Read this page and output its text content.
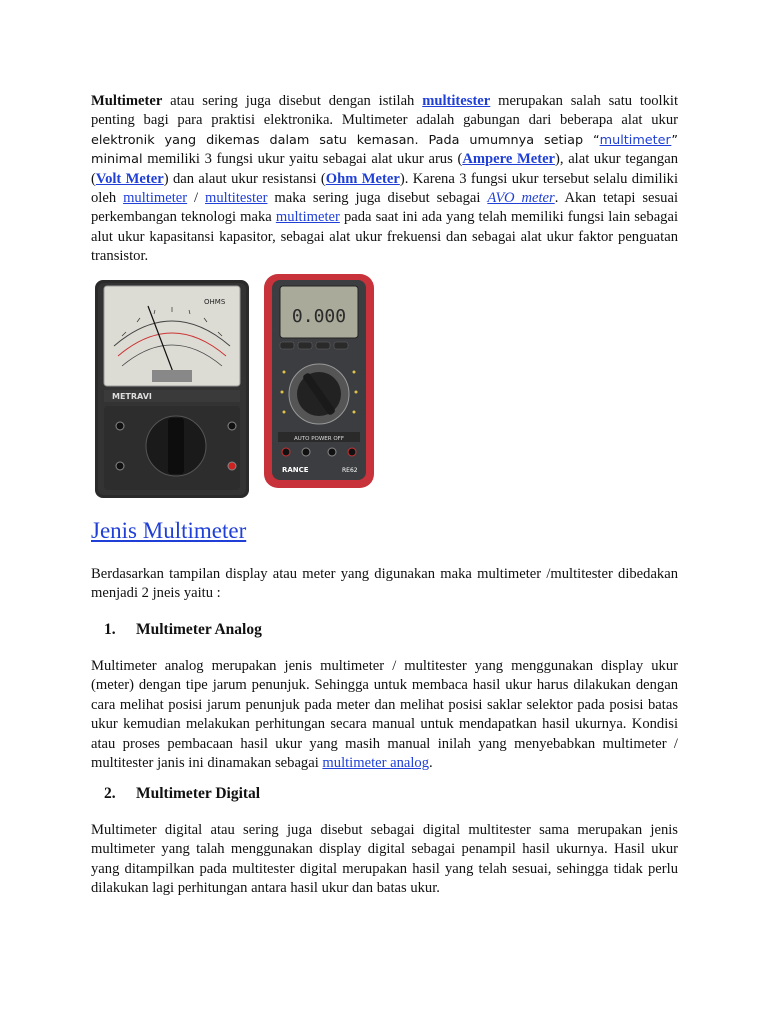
Multimeter atau sering juga disebut dengan istilah multitester merupakan salah satu toolkit penting bagi para praktisi elektronika. Multimeter adalah gabungan dari beberapa alat ukur elektronik yang dikemas dalam satu kemasan. Pada umumnya setiap “multimeter” minimal memiliki 3 fungsi ukur yaitu sebagai alat ukur arus (Ampere Meter), alat ukur tegangan (Volt Meter) dan alaut ukur resistansi (Ohm Meter). Karena 3 fungsi ukur tersebut selalu dimiliki oleh multimeter / multitester maka sering juga disebut sebagai AVO meter. Akan tetapi sesuai perkembangan teknologi maka multimeter pada saat ini ada yang telah memiliki fungsi lain sebagai alut ukur kapasitansi kapasitor, sebagai alat ukur frekuensi dan sebagai alat ukur faktor penguatan transistor.

OHMS
METRAVI
0.000
AUTO POWER OFF
RANCE	RE62
Jenis Multimeter

Berdasarkan tampilan display atau meter yang digunakan maka multimeter /multitester dibedakan menjadi 2 jneis yaitu :

1. Multimeter Analog

Multimeter analog merupakan jenis multimeter / multitester yang menggunakan display ukur (meter) dengan tipe jarum penunjuk. Sehingga untuk membaca hasil ukur harus dilakukan dengan cara melihat posisi jarum penunjuk pada meter dan melihat posisi saklar selektor pada posisi batas ukur kemudian melakukan perhitungan secara manual untuk mendapatkan hasil ukurnya. Kondisi atau proses pembacaan hasil ukur yang masih manual inilah yang menyebabkan multimeter / multitester janis ini dinamakan sebagai multimeter analog.

2. Multimeter Digital

Multimeter digital atau sering juga disebut sebagai digital multitester sama merupakan jenis multimeter yang talah menggunakan display digital sebagai penampil hasil ukurnya. Hasil ukur yang ditampilkan pada multitester digital merupakan hasil yang telah sesuai, sehingga tidak perlu dilakukan lagi perhitungan antara hasil ukur dan batas ukur.
